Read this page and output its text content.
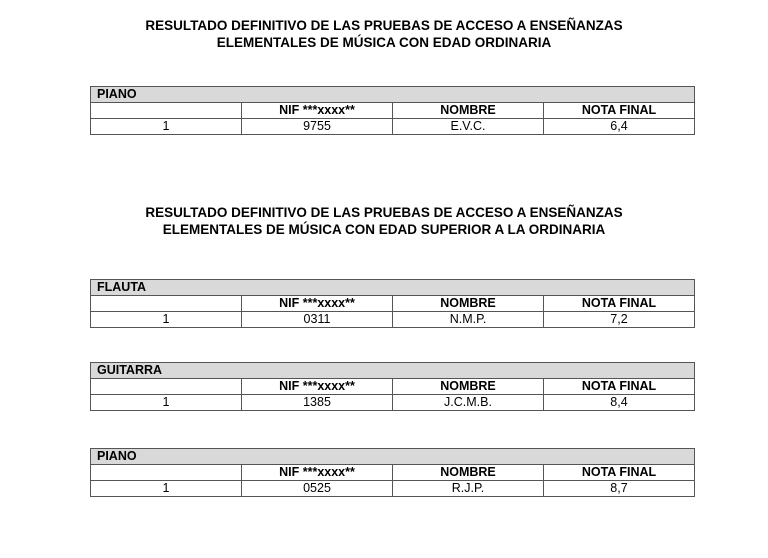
RESULTADO DEFINITIVO DE LAS PRUEBAS DE ACCESO A ENSEÑANZAS
ELEMENTALES DE MÚSICA CON EDAD ORDINARIA
PIANO			
	NIF ***xxxx**	NOMBRE	NOTA FINAL
1	9755	E.V.C.	6,4
RESULTADO DEFINITIVO DE LAS PRUEBAS DE ACCESO A ENSEÑANZAS
ELEMENTALES DE MÚSICA CON EDAD SUPERIOR A LA ORDINARIA
FLAUTA			
	NIF ***xxxx**	NOMBRE	NOTA FINAL
1	0311	N.M.P.	7,2
GUITARRA			
	NIF ***xxxx**	NOMBRE	NOTA FINAL
1	1385	J.C.M.B.	8,4
PIANO			
	NIF ***xxxx**	NOMBRE	NOTA FINAL
1	0525	R.J.P.	8,7
